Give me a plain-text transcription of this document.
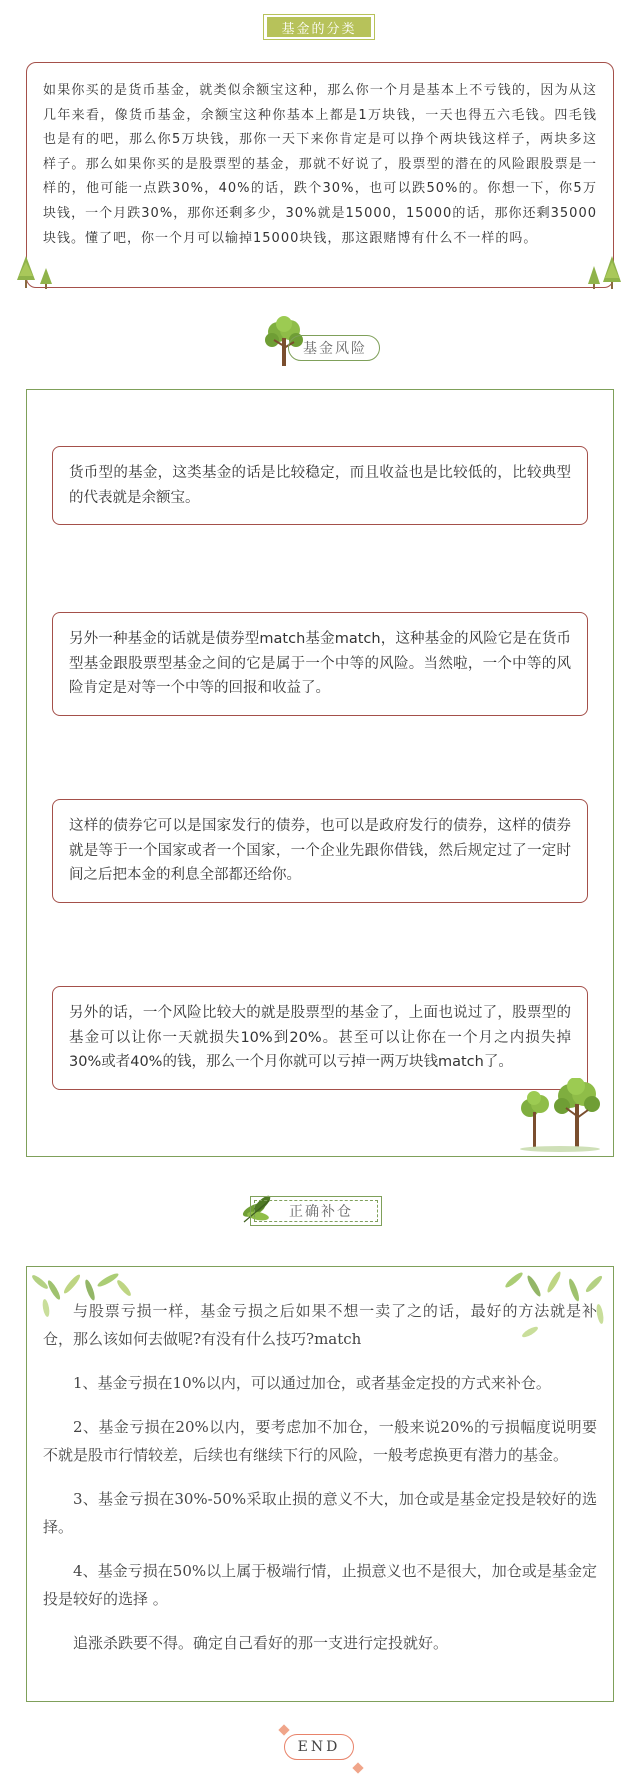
基金的分类

如果你买的是货币基金，就类似余额宝这种，那么你一个月是基本上不亏钱的，因为从这几年来看，像货币基金，余额宝这种你基本上都是1万块钱，一天也得五六毛钱。四毛钱也是有的吧，那么你5万块钱，那你一天下来你肯定是可以挣个两块钱这样子，两块多这样子。那么如果你买的是股票型的基金，那就不好说了，股票型的潜在的风险跟股票是一样的，他可能一点跌30%，40%的话，跌个30%，也可以跌50%的。你想一下，你5万块钱，一个月跌30%，那你还剩多少，30%就是15000，15000的话，那你还剩35000块钱。懂了吧，你一个月可以输掉15000块钱，那这跟赌博有什么不一样的吗。

基金风险
货币型的基金，这类基金的话是比较稳定，而且收益也是比较低的，比较典型的代表就是余额宝。
另外一种基金的话就是债券型match基金match，这种基金的风险它是在货币型基金跟股票型基金之间的它是属于一个中等的风险。当然啦，一个中等的风险肯定是对等一个中等的回报和收益了。
这样的债券它可以是国家发行的债券，也可以是政府发行的债券，这样的债券就是等于一个国家或者一个国家，一个企业先跟你借钱，然后规定过了一定时间之后把本金的利息全部都还给你。
另外的话，一个风险比较大的就是股票型的基金了，上面也说过了，股票型的基金可以让你一天就损失10%到20%。甚至可以让你在一个月之内损失掉30%或者40%的钱，那么一个月你就可以亏掉一两万块钱match了。
正确补仓

与股票亏损一样，基金亏损之后如果不想一卖了之的话，最好的方法就是补仓，那么该如何去做呢?有没有什么技巧?match

1、基金亏损在10%以内，可以通过加仓，或者基金定投的方式来补仓。

2、基金亏损在20%以内，要考虑加不加仓，一般来说20%的亏损幅度说明要不就是股市行情较差，后续也有继续下行的风险，一般考虑换更有潜力的基金。

3、基金亏损在30%-50%采取止损的意义不大，加仓或是基金定投是较好的选择。

4、基金亏损在50%以上属于极端行情，止损意义也不是很大，加仓或是基金定投是较好的选择 。

追涨杀跌要不得。确定自己看好的那一支进行定投就好。

END
